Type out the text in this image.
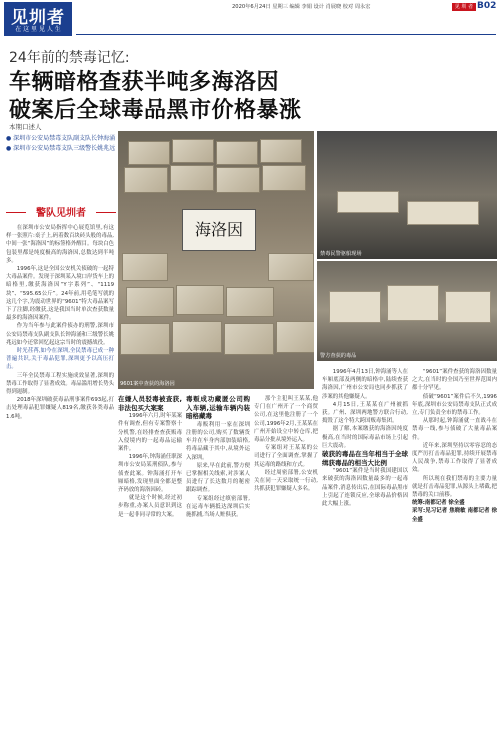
见圳者
在 这 里 见 人 生
2020年6月24日 星期三 编辑 李娟 设计 肖展晓 校对 周永宏	见 圳 者 B02
24年前的禁毒记忆:
车辆暗格查获半吨多海洛因
破案后全球毒品黑市价格暴涨
本期口述人
● 深圳市公安局禁毒支队副支队长钟海涌
● 深圳市公安局禁毒支队三级警长姚兆远
警队见圳者

在深圳市公安局指挥中心展览馆里,有这样一张照片:桌子上,码着数百块砖头般的毒品,中间一张“海洛因”的标签格外醒目。每块白色包装里都是纯度极高的海洛因,总数达到半吨多。

1996年,这是全国公安机关侦破的一起特大毒品案件。发现于深圳某入境口岸货车上的暗格里,缴获海洛因“Y字系列”、“1119块”、“595.65公斤”。24年前,用毛笔写就的这几个字,为震动世界的“9601”特大毒品案写下了注脚,经缴获,这是我国当时单次查获数量最多的海洛因案件。

作为当年参与此案件侦办的刑警,深圳市公安局禁毒支队副支队长钟海涌和三级警长姚兆远如今还常回忆起这宗当时的震撼战役。

时光荏苒,如今在深圳,全民禁毒已成一种普遍共识,关于毒品犯罪,深圳更予以高压打击。

三年全民禁毒工程实施成效显著,深圳的禁毒工作取得了显著成效。毒品滥用增长势头得到遏制。

2018年深圳破获毒品刑事案件693起,打击处理毒品犯罪嫌疑人819名,缴获各类毒品1.6吨。

海洛因
9601案中查获的海洛因
禁毒民警驱船现场
警方查获的毒品
在嫌人员驳毒被查获,非法包买大案案

1996年六月,时年某案件有调查,但有专案警察十分机警,在经排查查获贩毒入侵境内的一起毒品运输案件。

1996年,钟海涌任职深圳市公安局某刑侦队,参与侦查此案。钟海涌打开车厢暗格,发现里面全都是整齐码放的海洛因砖。

就是这个时候,经过初步称重,办案人员意识到这是一起非同寻常的大案。

毒贩成功藏匿公司购入车辆,运输车辆内装暗格藏毒

毒贩利用一家在深圳注册的公司,购买了数辆货车并在车身内部加装暗格,将毒品藏于其中,从境外运入深圳。

原来,早在此前,警方便已掌握相关线索,对涉案人员进行了长达数月的秘密跟踪调查。

专案组经过缜密部署,在运毒车辆抵达深圳后实施抓捕,当场人赃俱获。

那个主犯叫王某某,他专门在广州开了一个商贸公司,在这里他注册了一个公司,1996年2月,王某某在广州开始设立中转仓库,把毒品分批从境外运入。

专案组对王某某的公司进行了全面调查,掌握了其运毒的路线和方式。

经过周密部署,公安机关在同一天采取统一行动,共抓获犯罪嫌疑人多名。

1996年4月13日,钟海涌等人在车厢底部及两侧的暗格中,陆续查获海洛因,广州市公安局也同步抓获了涉案的其他嫌疑人。

4月15日,王某某在广州被抓获。广州、深圳两地警方联合行动,捣毁了这个特大跨国贩毒集团。

据了解,本案缴获的海洛因纯度极高,在当时的国际毒品市场上引起巨大震动。

破获的毒品在当年相当于全球缉获毒品的相当大比例

“9601”案件是当时我国建国以来破获的海洛因数量最多的一起毒品案件,消息传出后,在国际毒品黑市上引起了连锁反应,全球毒品价格因此大幅上涨。

“9601”案件查获的海洛因数量之大,在当时的全国乃至世界范围内都十分罕见。

侦破“9601”案件后不久,1996年底,深圳市公安局禁毒支队正式成立,专门负责全市的禁毒工作。

从那时起,钟海涌就一直战斗在禁毒一线,参与侦破了大量毒品案件。

近年来,深圳坚持以零容忍的态度严厉打击毒品犯罪,持续开展禁毒人民战争,禁毒工作取得了显著成效。

所以现在我们禁毒的主要力量就是打击毒品犯罪,从源头上堵截,把禁毒的关口前移。

统筹:南都记者 徐全盛
采写:见习记者 焦晓敏 南都记者 徐全盛
